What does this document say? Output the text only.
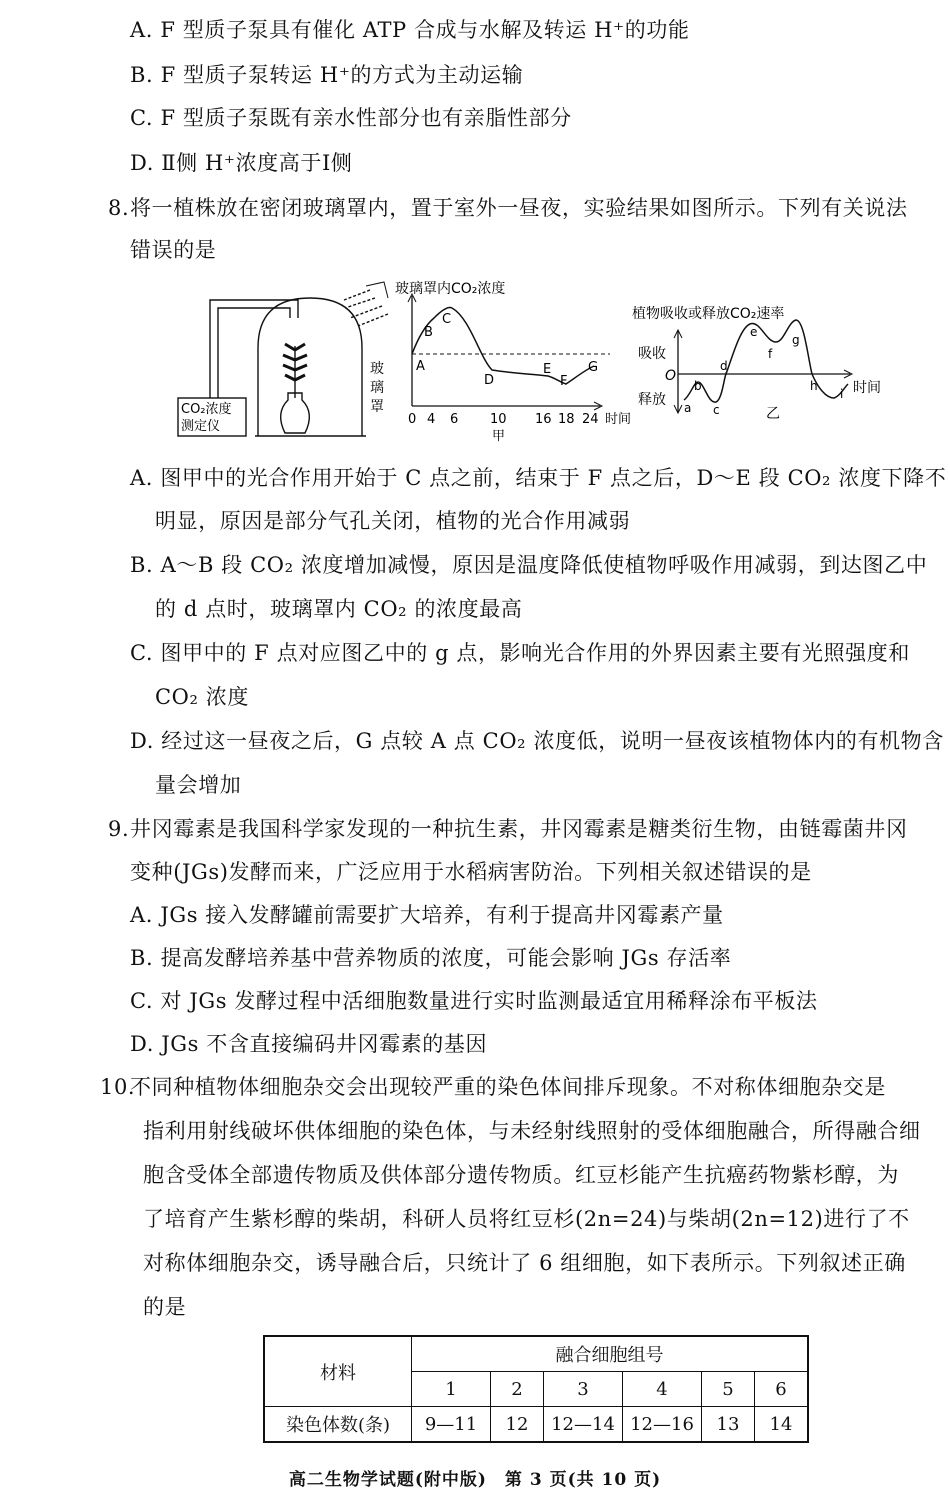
A. F 型质子泵具有催化 ATP 合成与水解及转运 H⁺的功能
B. F 型质子泵转运 H⁺的方式为主动运输
C. F 型质子泵既有亲水性部分也有亲脂性部分
D. Ⅱ侧 H⁺浓度高于Ⅰ侧
8. 将一植株放在密闭玻璃罩内，置于室外一昼夜，实验结果如图所示。下列有关说法
错误的是
CO₂浓度
测定仪
玻
璃
罩
玻璃罩内CO₂浓度
A
B
C
D
E
F
G
0 4 6 10 16 18 24 时间
甲
植物吸收或释放CO₂速率
吸收
O
释放 a
b
c
d
e
f
g
h
i 时间
乙
A. 图甲中的光合作用开始于 C 点之前，结束于 F 点之后，D～E 段 CO₂ 浓度下降不
明显，原因是部分气孔关闭，植物的光合作用减弱
B. A～B 段 CO₂ 浓度增加减慢，原因是温度降低使植物呼吸作用减弱，到达图乙中
的 d 点时，玻璃罩内 CO₂ 的浓度最高
C. 图甲中的 F 点对应图乙中的 g 点，影响光合作用的外界因素主要有光照强度和
CO₂ 浓度
D. 经过这一昼夜之后，G 点较 A 点 CO₂ 浓度低，说明一昼夜该植物体内的有机物含
量会增加
9. 井冈霉素是我国科学家发现的一种抗生素，井冈霉素是糖类衍生物，由链霉菌井冈
变种(JGs)发酵而来，广泛应用于水稻病害防治。下列相关叙述错误的是
A. JGs 接入发酵罐前需要扩大培养，有利于提高井冈霉素产量
B. 提高发酵培养基中营养物质的浓度，可能会影响 JGs 存活率
C. 对 JGs 发酵过程中活细胞数量进行实时监测最适宜用稀释涂布平板法
D. JGs 不含直接编码井冈霉素的基因
10.
不同种植物体细胞杂交会出现较严重的染色体间排斥现象。不对称体细胞杂交是
指利用射线破坏供体细胞的染色体，与未经射线照射的受体细胞融合，所得融合细
胞含受体全部遗传物质及供体部分遗传物质。红豆杉能产生抗癌药物紫杉醇，为
了培育产生紫杉醇的柴胡，科研人员将红豆杉(2n=24)与柴胡(2n=12)进行了不
对称体细胞杂交，诱导融合后，只统计了 6 组细胞，如下表所示。下列叙述正确
的是
材料	融合细胞组号					
	1	2	3	4	5	6
染色体数(条)	9—11	12	12—14	12—16	13	14
高二生物学试题(附中版)　第 3 页(共 10 页)
